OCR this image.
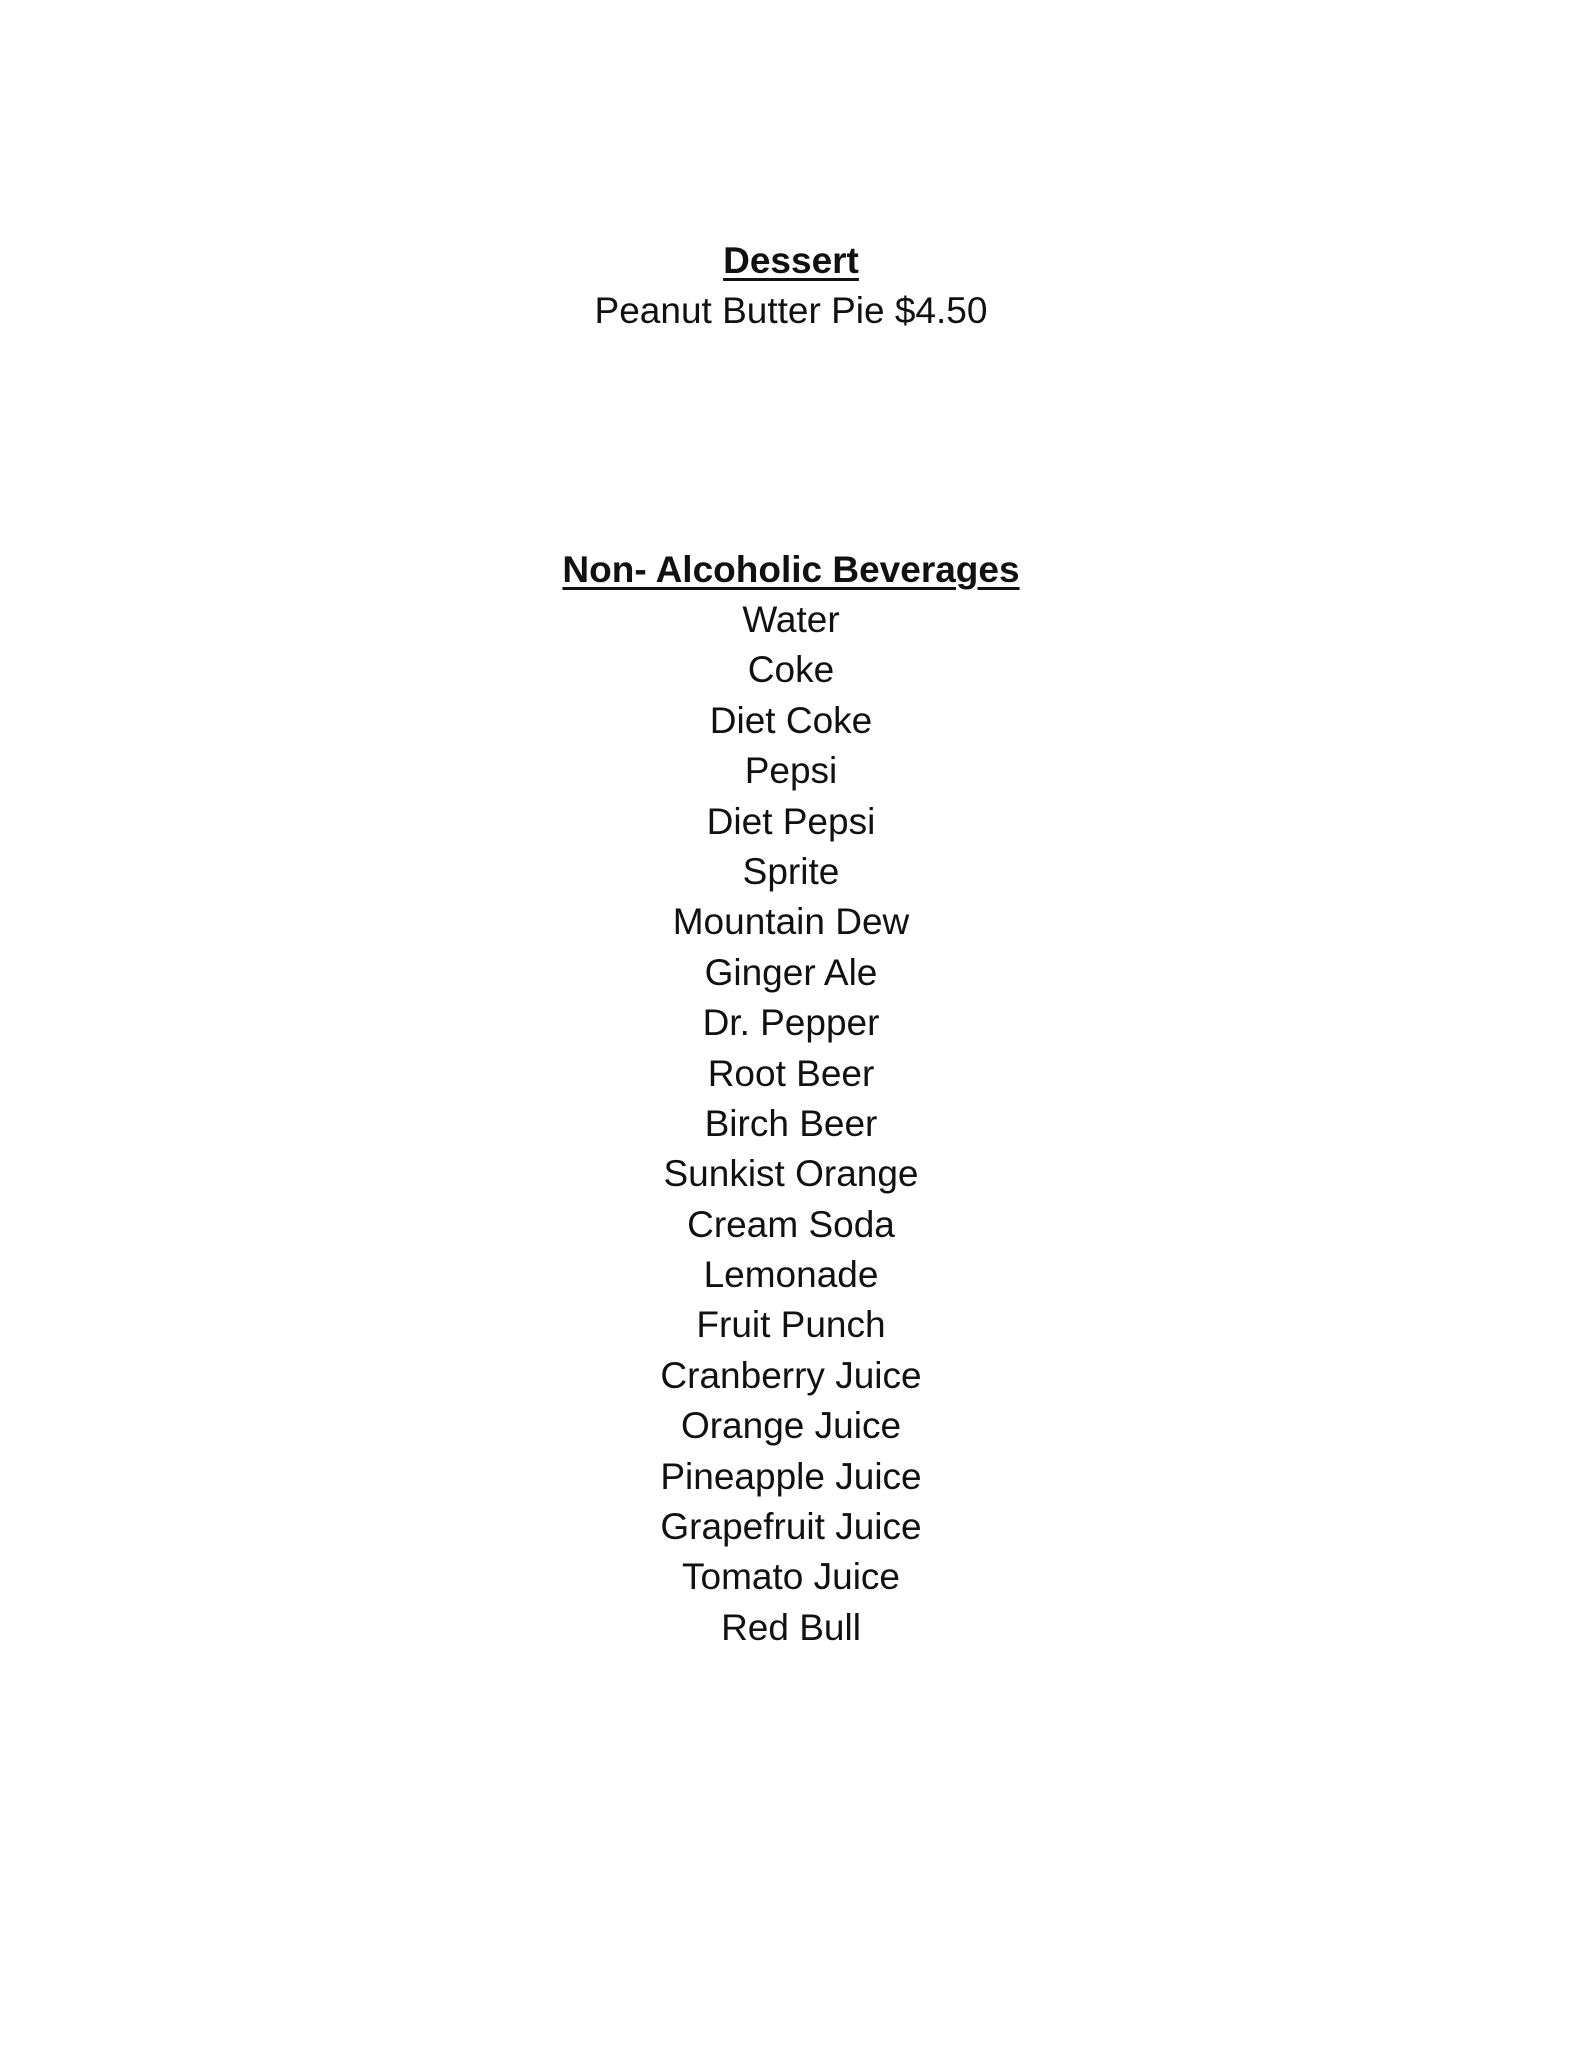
Dessert
Peanut Butter Pie $4.50
Non- Alcoholic Beverages
Water
Coke
Diet Coke
Pepsi
Diet Pepsi
Sprite
Mountain Dew
Ginger Ale
Dr. Pepper
Root Beer
Birch Beer
Sunkist Orange
Cream Soda
Lemonade
Fruit Punch
Cranberry Juice
Orange Juice
Pineapple Juice
Grapefruit Juice
Tomato Juice
Red Bull
